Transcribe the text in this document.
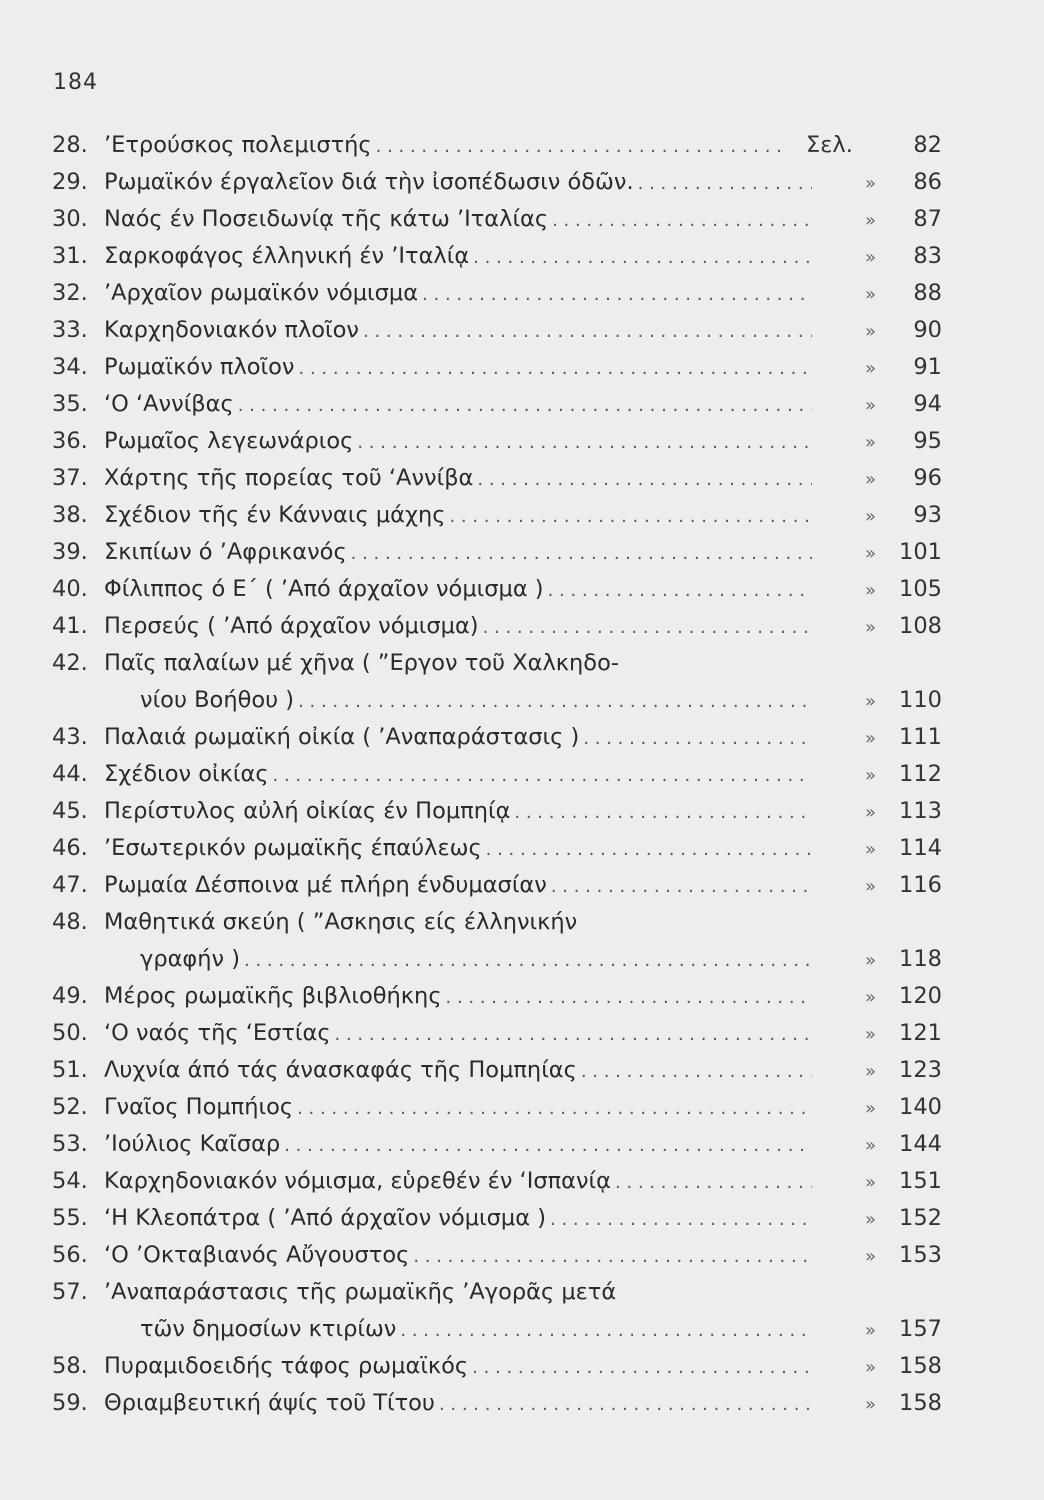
184
28. ’Ετρούσκος πολεμιστής . . .	Σελ.	82
29. Ρωμαϊκόν έργαλεῖον διά τὴν ἰσοπέδωσιν όδῶν. . . .	»	86
30. Ναός έν Ποσειδωνίᾳ τῆς κάτω ’Ιταλίας . . .	»	87
31. Σαρκοφάγος έλληνική έν ’Ιταλίᾳ . . .	»	83
32. ’Αρχαῖον ρωμαϊκόν νόμισμα . . .	»	88
33. Καρχηδονιακόν πλοῖον . . .	»	90
34. Ρωμαϊκόν πλοῖον . . .	»	91
35. ‘Ο ‘Αννίβας . . .	»	94
36. Ρωμαῖος λεγεωνάριος . . .	»	95
37. Χάρτης τῆς πορείας τοῦ ‘Αννίβα . . .	»	96
38. Σχέδιον τῆς έν Κάνναις μάχης . . .	»	93
39. Σκιπίων ό ’Αφρικανός . . .	»	101
40. Φίλιππος ό Ε΄ ( ’Από άρχαῖον νόμισμα ) . . .	»	105
41. Περσεύς ( ’Από άρχαῖον νόμισμα) . . .	»	108
42. Παῖς παλαίων μέ χῆνα ( ”Εργον τοῦ Χαλκηδο-
νίου Βοήθου ) . . .	»	110
43. Παλαιά ρωμαϊκή οἰκία ( ’Αναπαράστασις ) . . .	»	111
44. Σχέδιον οἰκίας . . .	»	112
45. Περίστυλος αὐλή οἰκίας έν Πομπηίᾳ . . .	»	113
46. ’Εσωτερικόν ρωμαϊκῆς έπαύλεως . . .	»	114
47. Ρωμαία Δέσποινα μέ πλήρη ένδυμασίαν . . .	»	116
48. Μαθητικά σκεύη ( ”Ασκησις είς έλληνικήν
γραφήν ) . . .	»	118
49. Μέρος ρωμαϊκῆς βιβλιοθήκης . . .	»	120
50. ‘Ο ναός τῆς ‘Εστίας . . .	»	121
51. Λυχνία άπό τάς άνασκαφάς τῆς Πομπηίας . . .	»	123
52. Γναῖος Πομπήιος . . .	»	140
53. ’Ιούλιος Καῖσαρ . . .	»	144
54. Καρχηδονιακόν νόμισμα, εὑρεθέν έν ‘Ισπανίᾳ . . .	»	151
55. ‘Η Κλεοπάτρα ( ’Από άρχαῖον νόμισμα ) . . .	»	152
56. ‘Ο ’Οκταβιανός Αὔγουστος . . .	»	153
57. ’Αναπαράστασις τῆς ρωμαϊκῆς ’Αγορᾶς μετά
τῶν δημοσίων κτιρίων . . .	»	157
58. Πυραμιδοειδής τάφος ρωμαϊκός . . .	»	158
59. Θριαμβευτική άψίς τοῦ Τίτου . . .	»	158
